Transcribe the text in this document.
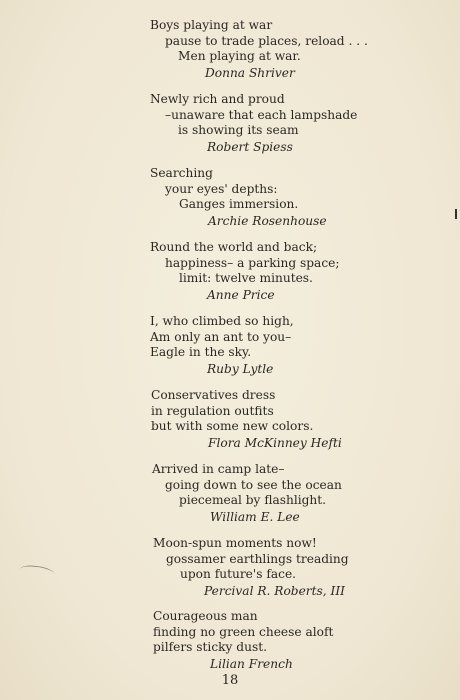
Boys playing at war
pause to trade places, reload . . .
Men playing at war.
Donna Shriver
Newly rich and proud
–unaware that each lampshade
is showing its seam
Robert Spiess
Searching
your eyes' depths:
Ganges immersion.
Archie Rosenhouse
Round the world and back;
happiness– a parking space;
limit: twelve minutes.
Anne Price
I, who climbed so high,
Am only an ant to you–
Eagle in the sky.
Ruby Lytle
Conservatives dress
in regulation outfits
but with some new colors.
Flora McKinney Hefti
Arrived in camp late–
going down to see the ocean
piecemeal by flashlight.
William E. Lee
Moon-spun moments now!
gossamer earthlings treading
upon future's face.
Percival R. Roberts, III
Courageous man
finding no green cheese aloft
pilfers sticky dust.
Lilian French
18
